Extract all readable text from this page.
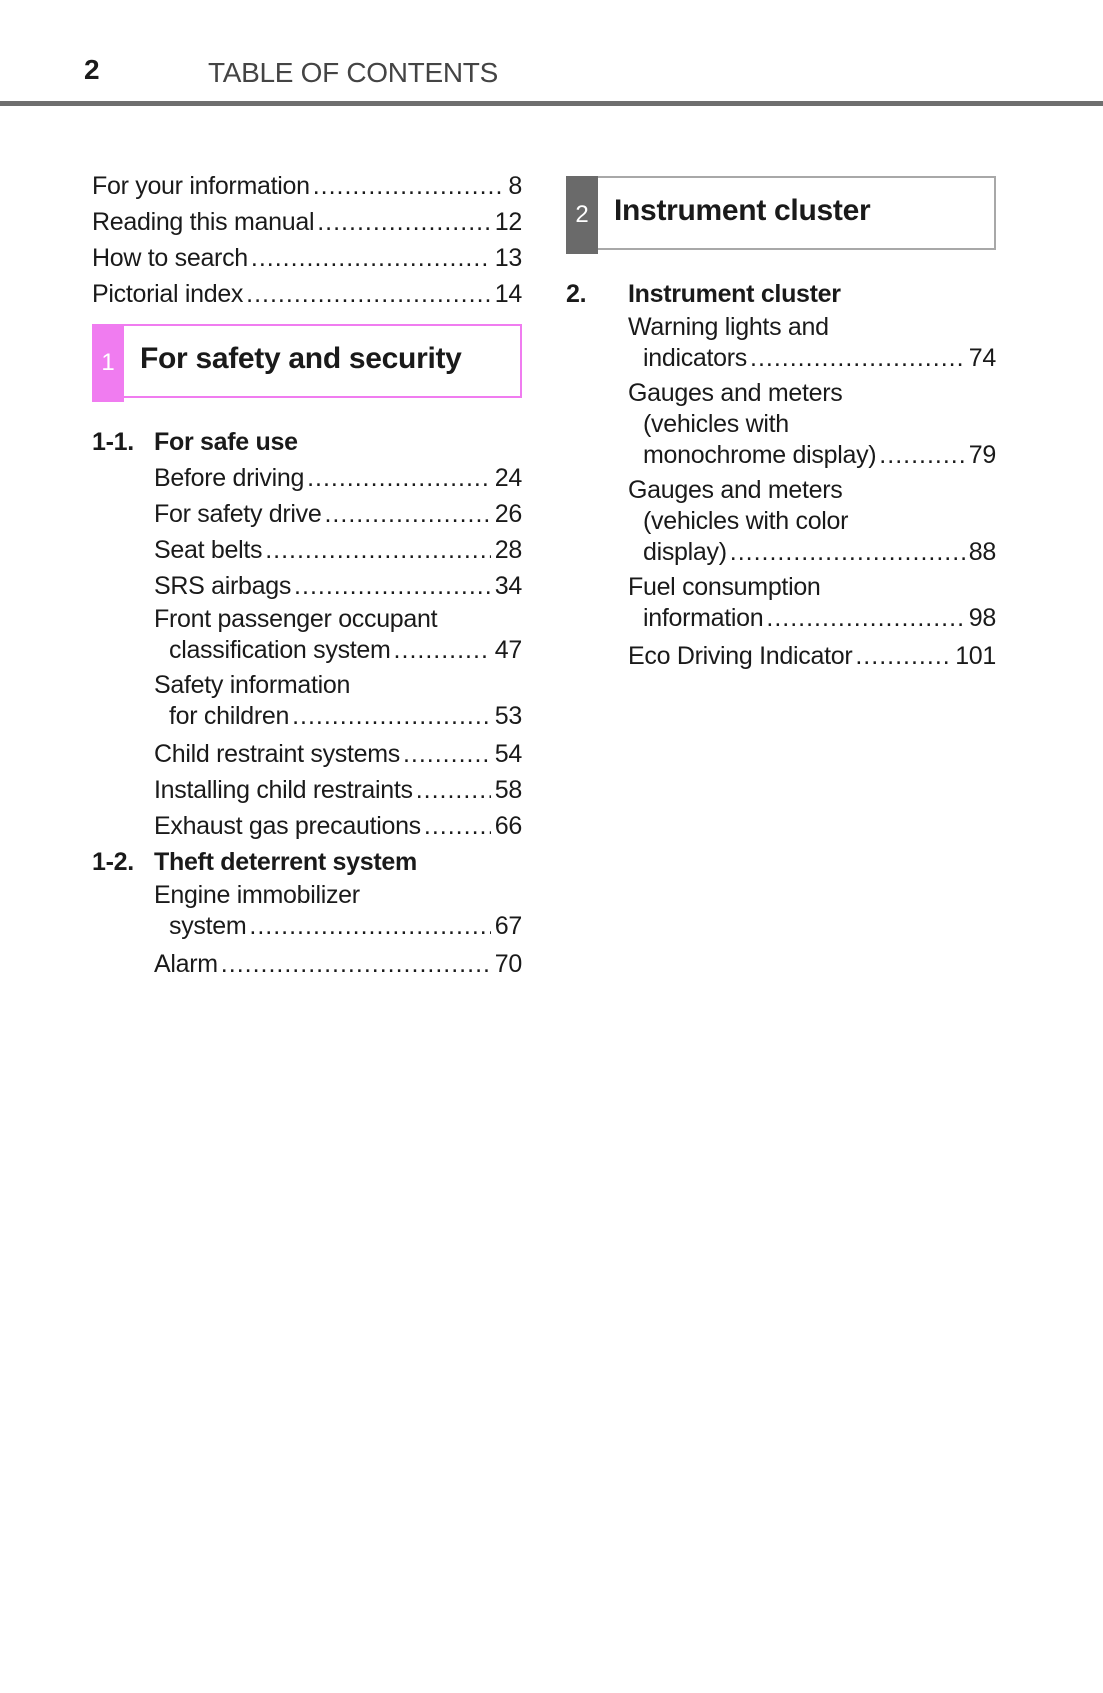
2	TABLE OF CONTENTS
For your information .....	8
Reading this manual .....	12
How to search .....	13
Pictorial index .....	14
1 For safety and security
1-1. For safe use
Before driving .....	24
For safety drive .....	26
Seat belts .....	28
SRS airbags .....	34
Front passenger occupant
classification system .....	47
Safety information
for children .....	53
Child restraint systems .....	54
Installing child restraints .....	58
Exhaust gas precautions .....	66
1-2. Theft deterrent system
Engine immobilizer
system .....	67
Alarm .....	70
2 Instrument cluster
2.	Instrument cluster
Warning lights and
indicators .....	74
Gauges and meters
(vehicles with
monochrome display) .....	79
Gauges and meters
(vehicles with color
display) .....	88
Fuel consumption
information .....	98
Eco Driving Indicator .....	101
